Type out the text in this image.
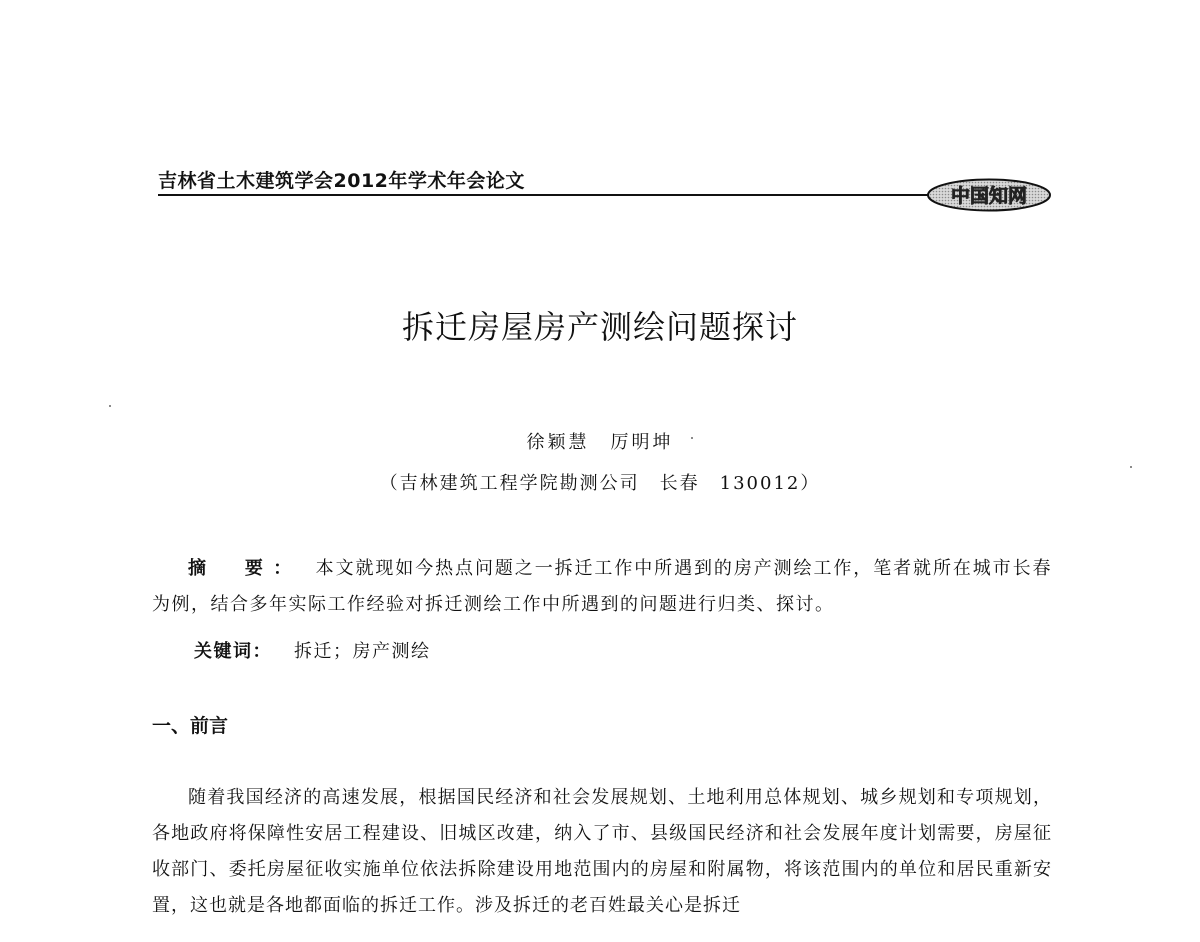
吉林省土木建筑学会2012年学术年会论文
中国知网
拆迁房屋房产测绘问题探讨
徐颖慧　厉明坤
（吉林建筑工程学院勘测公司　长春　130012）
摘　要： 本文就现如今热点问题之一拆迁工作中所遇到的房产测绘工作，笔者就所在城市长春为例，结合多年实际工作经验对拆迁测绘工作中所遇到的问题进行归类、探讨。
关键词： 拆迁；房产测绘
一、前言
随着我国经济的高速发展，根据国民经济和社会发展规划、土地利用总体规划、城乡规划和专项规划，各地政府将保障性安居工程建设、旧城区改建，纳入了市、县级国民经济和社会发展年度计划需要，房屋征收部门、委托房屋征收实施单位依法拆除建设用地范围内的房屋和附属物，将该范围内的单位和居民重新安置，这也就是各地都面临的拆迁工作。涉及拆迁的老百姓最关心是拆迁
